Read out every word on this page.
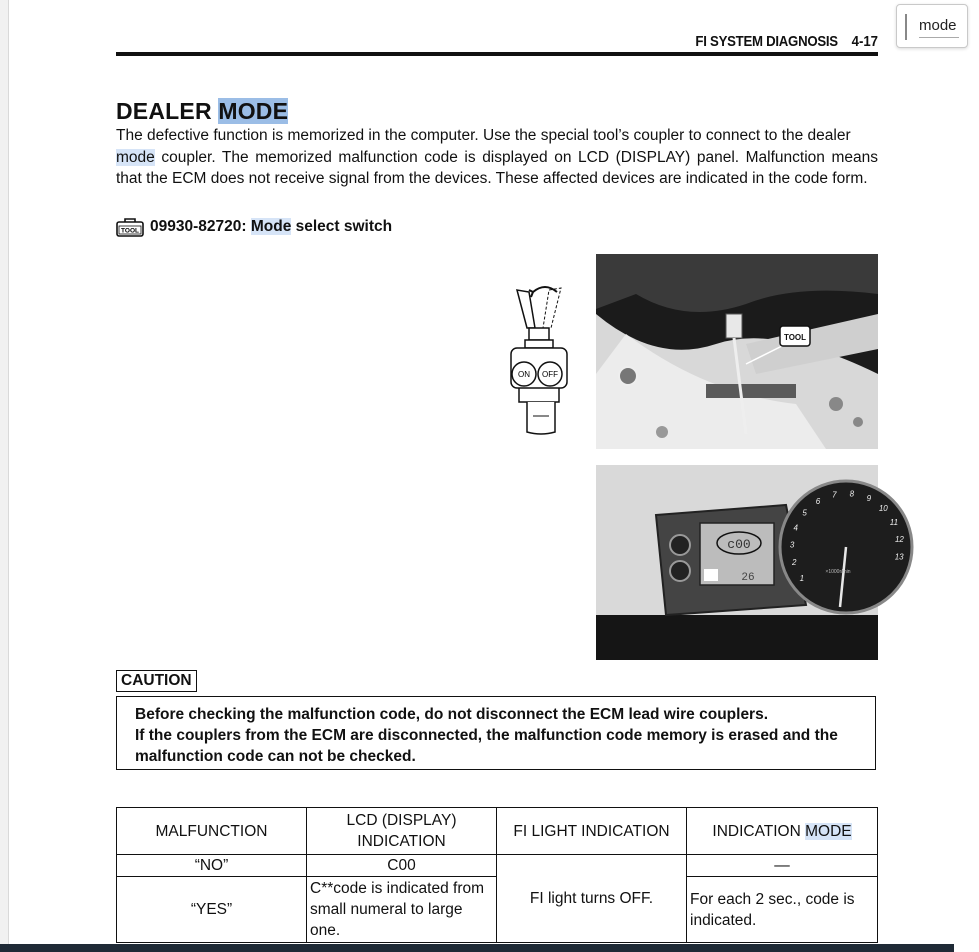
mode
FI SYSTEM DIAGNOSIS 4-17
DEALER MODE
The defective function is memorized in the computer. Use the special tool’s coupler to connect to the dealer
mode coupler. The memorized malfunction code is displayed on LCD (DISPLAY) panel. Malfunction means that the ECM does not receive signal from the devices. These affected devices are indicated in the code form.
TOOL 09930-82720: Mode select switch
ON OFF
TOOL
c00
26	1
2
3
4
5
6
7 8
9
10
11
12
13
×1000r/min
CAUTION

Before checking the malfunction code, do not disconnect the ECM lead wire couplers.

If the couplers from the ECM are disconnected, the malfunction code memory is erased and the

malfunction code can not be checked.

MALFUNCTION	LCD (DISPLAY) INDICATION	FI LIGHT INDICATION	INDICATION MODE
“NO”	C00	FI light turns OFF.	—
“YES”	C**code is indicated from small numeral to large one.		For each 2 sec., code is indicated.
